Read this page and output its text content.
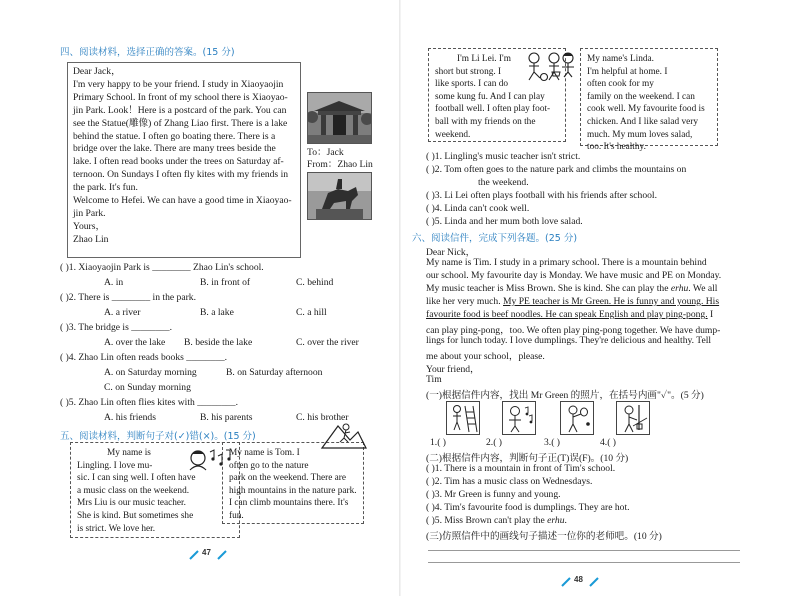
四、阅读材料，选择正确的答案。(15 分)
Dear Jack，
I'm very happy to be your friend. I study in Xiaoyaojin
Primary School. In front of my school there is Xiaoyao-
jin Park. Look！Here is a postcard of the park. You can
see the Statue(雕像) of Zhang Liao first. There is a lake
behind the statue. I often go boating there. There is a
bridge over the lake. There are many trees beside the
lake. I often read books under the trees on Saturday af-
ternoon. On Sundays I often fly kites with my friends in
the park. It's fun.
Welcome to Hefei. We can have a good time in Xiaoyao-
jin Park.
Yours，
Zhao Lin
To：Jack
From：Zhao Lin
( )1. Xiaoyaojin Park is ________ Zhao Lin's school.
A. in	B. in front of	C. behind
( )2. There is ________ in the park.
A. a river	B. a lake	C. a hill
( )3. The bridge is ________.
A. over the lake B. beside the lake	C. over the river
( )4. Zhao Lin often reads books ________.
A. on Saturday morning	B. on Saturday afternoon
C. on Sunday morning
( )5. Zhao Lin often flies kites with ________.
A. his friends	B. his parents	C. his brother
五、阅读材料，判断句子对(✓)错(×)。(15 分)
My name is
Lingling. I love mu-
sic. I can sing well. I often have
a music class on the weekend.
Mrs Liu is our music teacher.
She is kind. But sometimes she
is strict. We love her.
My name is Tom. I
often go to the nature
park on the weekend. There are
high mountains in the nature park.
I can climb mountains there. It's
fun.
47
I'm Li Lei. I'm
short but strong. I
like sports. I can do
some kung fu. And I can play
football well. I often play foot-
ball with my friends on the
weekend.
My name's Linda.
I'm helpful at home. I
often cook for my
family on the weekend. I can
cook well. My favourite food is
chicken. And I like salad very
much. My mum loves salad,
too. It's healthy.
( )1. Lingling's music teacher isn't strict.
( )2. Tom often goes to the nature park and climbs the mountains on
the weekend.
( )3. Li Lei often plays football with his friends after school.
( )4. Linda can't cook well.
( )5. Linda and her mum both love salad.
六、阅读信件，完成下列各题。(25 分)
Dear Nick，
My name is Tim. I study in a primary school. There is a mountain behind
our school. My favourite day is Monday. We have music and PE on Monday.
My music teacher is Miss Brown. She is kind. She can play the erhu. We all
like her very much. My PE teacher is Mr Green. He is funny and young. His
favourite food is beef noodles. He can speak English and play ping-pong. I
can play ping-pong，too. We often play ping-pong together. We have dump-
lings for lunch today. I love dumplings. They're delicious and healthy. Tell
me about your school，please.
Your friend，
Tim
(一)根据信件内容，找出 Mr Green 的照片，在括号内画"✓"。(5 分)
1.( )	2.( )	3.( )	4.( )
(二)根据信件内容，判断句子正(T)误(F)。(10 分)
( )1. There is a mountain in front of Tim's school.
( )2. Tim has a music class on Wednesdays.
( )3. Mr Green is funny and young.
( )4. Tim's favourite food is dumplings. They are hot.
( )5. Miss Brown can't play the erhu.
(三)仿照信件中的画线句子描述一位你的老师吧。(10 分)
48
